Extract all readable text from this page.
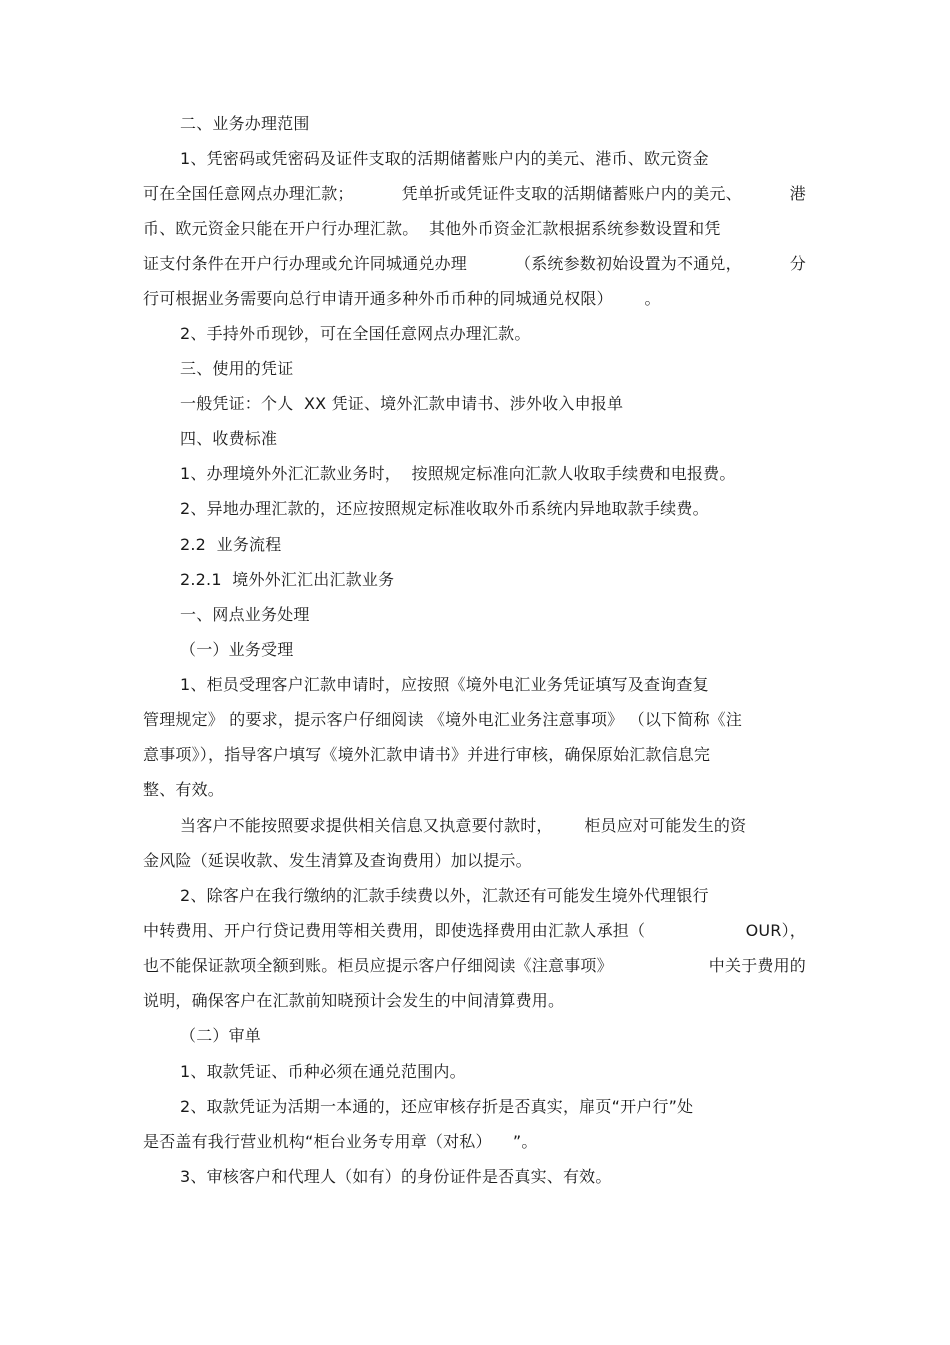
二、业务办理范围
1、凭密码或凭密码及证件支取的活期储蓄账户内的美元、港币、欧元资金
可在全国任意网点办理汇款；	凭单折或凭证件支取的活期储蓄账户内的美元、	港
币、欧元资金只能在开户行办理汇款。  其他外币资金汇款根据系统参数设置和凭
证支付条件在开户行办理或允许同城通兑办理	（系统参数初始设置为不通兑，	分
行可根据业务需要向总行申请开通多种外币币种的同城通兑权限）      。
2、手持外币现钞，可在全国任意网点办理汇款。
三、使用的凭证
一般凭证：个人  XX 凭证、境外汇款申请书、涉外收入申报单
四、收费标准
1、办理境外外汇汇款业务时，  按照规定标准向汇款人收取手续费和电报费。
2、异地办理汇款的，还应按照规定标准收取外币系统内异地取款手续费。
2.2  业务流程
2.2.1  境外外汇汇出汇款业务
一、网点业务处理
（一）业务受理
1、柜员受理客户汇款申请时，应按照《境外电汇业务凭证填写及查询查复
管理规定》 的要求，提示客户仔细阅读 《境外电汇业务注意事项》 （以下简称《注
意事项》），指导客户填写《境外汇款申请书》并进行审核，确保原始汇款信息完
整、有效。
当客户不能按照要求提供相关信息又执意要付款时，      柜员应对可能发生的资
金风险（延误收款、发生清算及查询费用）加以提示。
2、除客户在我行缴纳的汇款手续费以外，汇款还有可能发生境外代理银行
中转费用、开户行贷记费用等相关费用，即使选择费用由汇款人承担（	OUR），
也不能保证款项全额到账。柜员应提示客户仔细阅读《注意事项》	中关于费用的
说明，确保客户在汇款前知晓预计会发生的中间清算费用。
（二）审单
1、取款凭证、币种必须在通兑范围内。
2、取款凭证为活期一本通的，还应审核存折是否真实，扉页“开户行”处
是否盖有我行营业机构“柜台业务专用章（对私）    ”。
3、审核客户和代理人（如有）的身份证件是否真实、有效。
